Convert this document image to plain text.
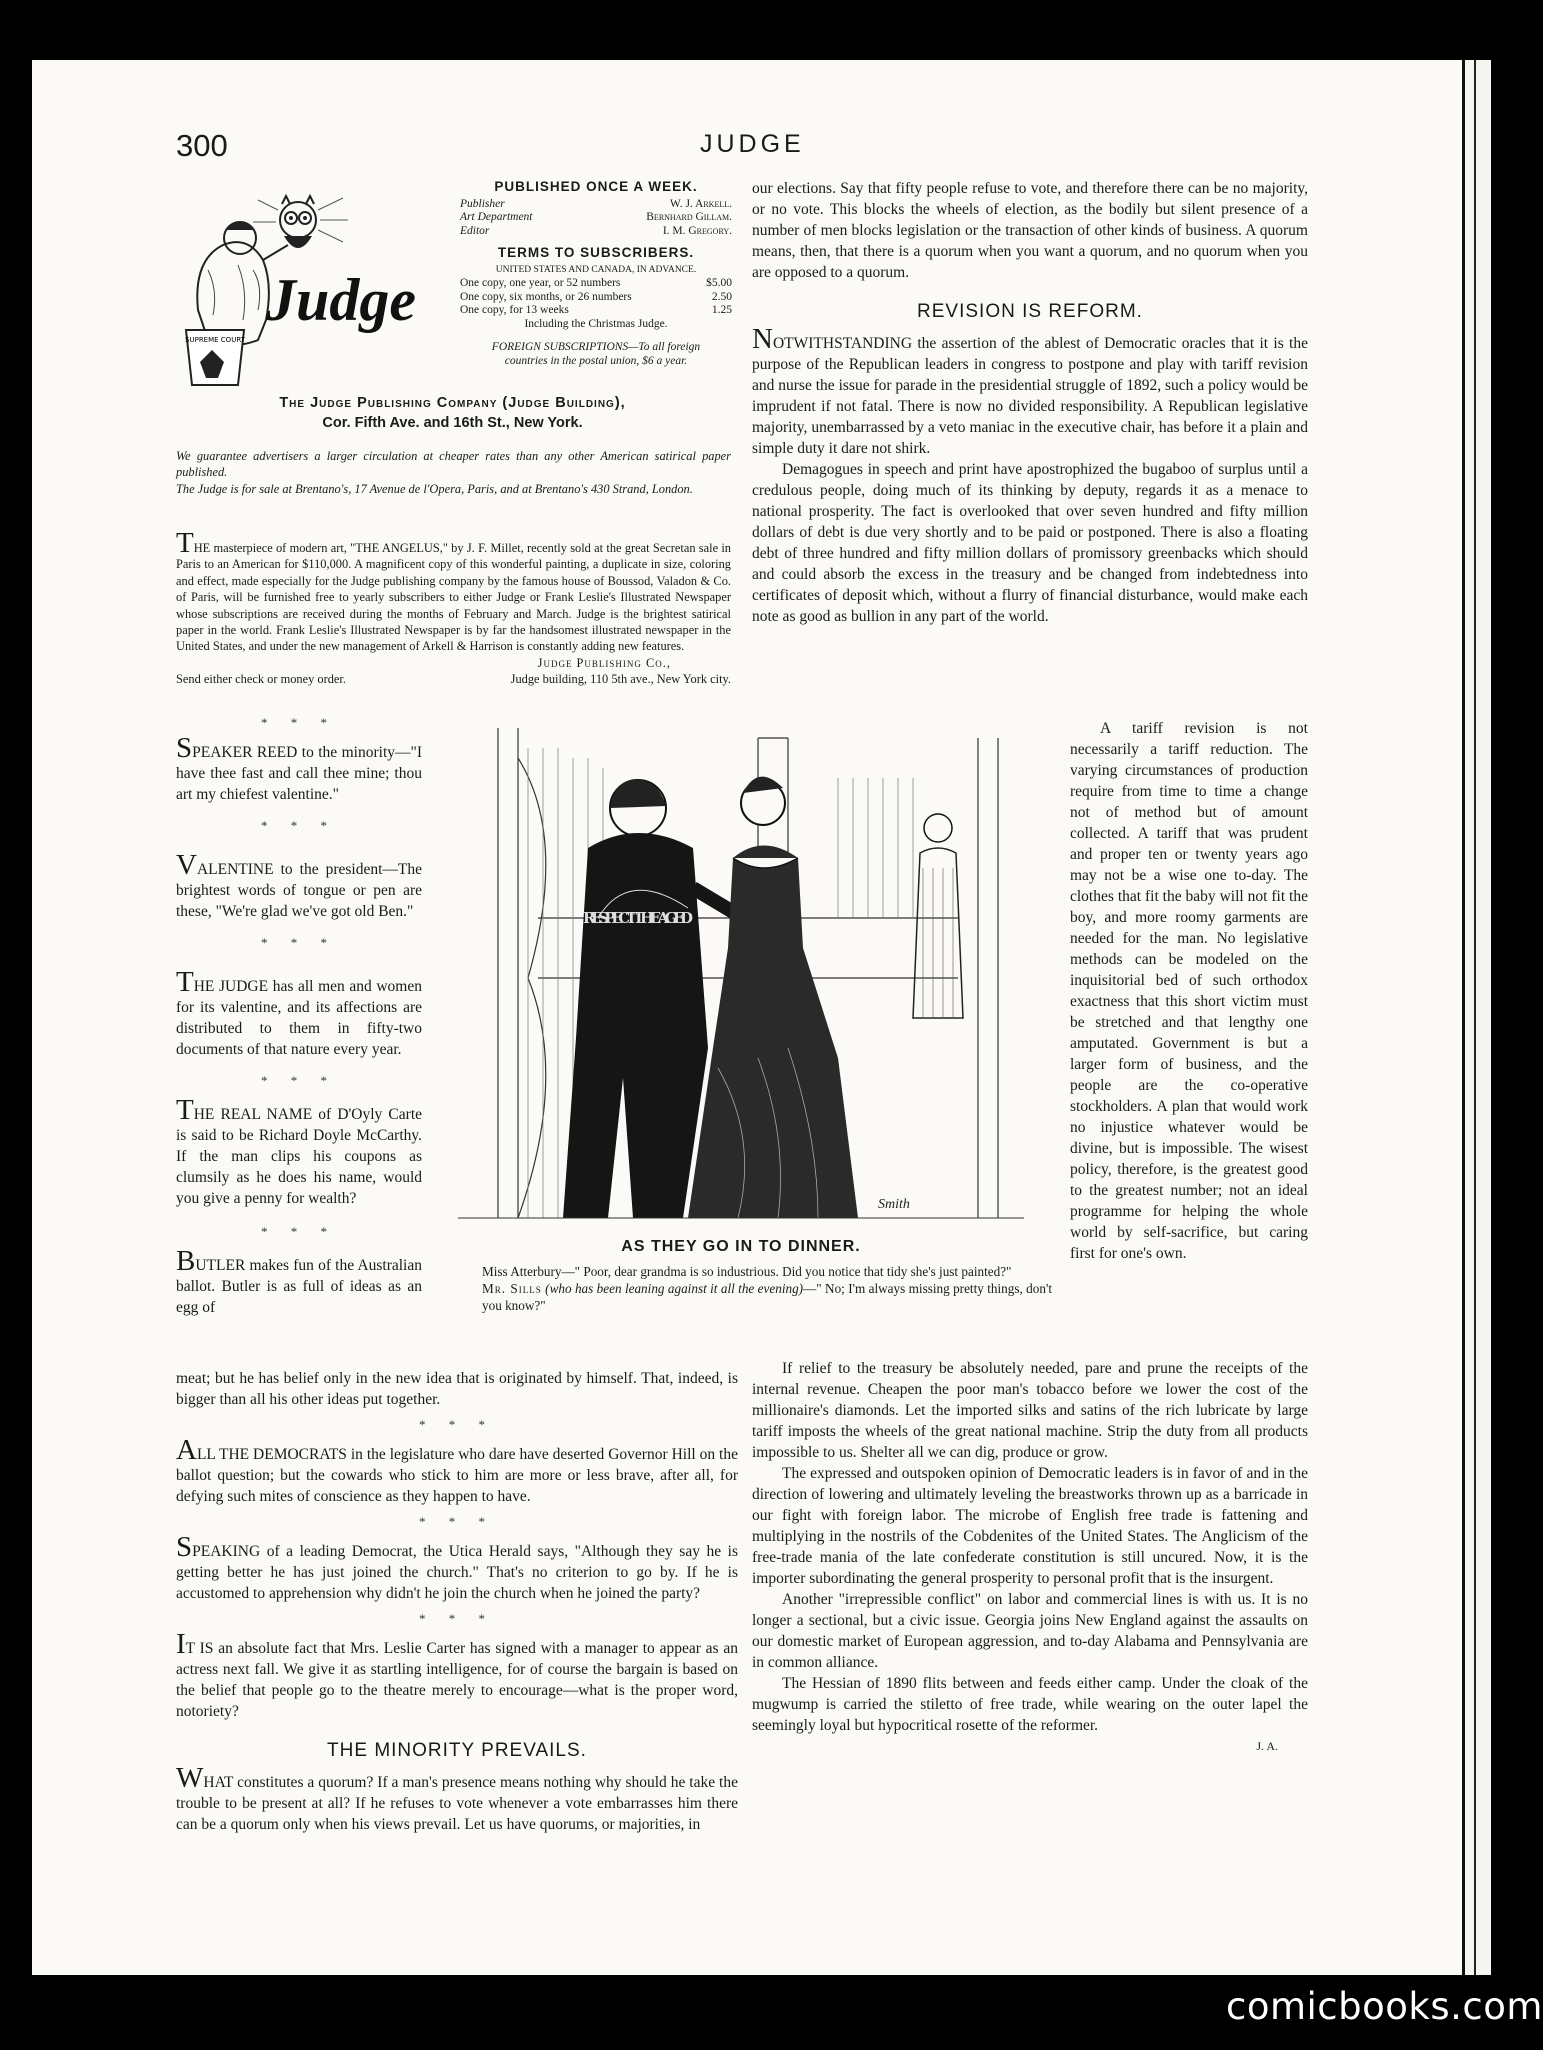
300	JUDGE
SUPREME COURT
Judge
PUBLISHED ONCE A WEEK.
Publisher	W. J. Arkell.
Art Department	Bernhard Gillam.
Editor	I. M. Gregory.
TERMS TO SUBSCRIBERS.
UNITED STATES AND CANADA, IN ADVANCE.
One copy, one year, or 52 numbers	$5.00
One copy, six months, or 26 numbers	2.50
One copy, for 13 weeks	1.25
Including the Christmas Judge.
FOREIGN SUBSCRIPTIONS—To all foreign countries in the postal union, $6 a year.
The Judge Publishing Company (Judge Building),
Cor. Fifth Ave. and 16th St., New York.
We guarantee advertisers a larger circulation at cheaper rates than any other American satirical paper published.
The Judge is for sale at Brentano's, 17 Avenue de l'Opera, Paris, and at Brentano's 430 Strand, London.
THE masterpiece of modern art, "THE ANGELUS," by J. F. Millet, recently sold at the great Secretan sale in Paris to an American for $110,000. A magnificent copy of this wonderful painting, a duplicate in size, coloring and effect, made especially for the Judge publishing company by the famous house of Boussod, Valadon & Co. of Paris, will be furnished free to yearly subscribers to either Judge or Frank Leslie's Illustrated Newspaper whose subscriptions are received during the months of February and March. Judge is the brightest satirical paper in the world. Frank Leslie's Illustrated Newspaper is by far the handsomest illustrated newspaper in the United States, and under the new management of Arkell & Harrison is constantly adding new features.
Judge Publishing Co.,
Send either check or money order.	Judge building, 110 5th ave., New York city.
* * *

SPEAKER REED to the minority—"I have thee fast and call thee mine; thou art my chiefest valentine."

* * *

VALENTINE to the president—The brightest words of tongue or pen are these, "We're glad we've got old Ben."

* * *

THE JUDGE has all men and women for its valentine, and its affections are distributed to them in fifty-two documents of that nature every year.

* * *

THE REAL NAME of D'Oyly Carte is said to be Richard Doyle McCarthy. If the man clips his coupons as clumsily as he does his name, would you give a penny for wealth?

* * *

BUTLER makes fun of the Australian ballot. Butler is as full of ideas as an egg of

meat; but he has belief only in the new idea that is originated by himself. That, indeed, is bigger than all his other ideas put together.

* * *

ALL THE DEMOCRATS in the legislature who dare have deserted Governor Hill on the ballot question; but the cowards who stick to him are more or less brave, after all, for defying such mites of conscience as they happen to have.

* * *

SPEAKING of a leading Democrat, the Utica Herald says, "Although they say he is getting better he has just joined the church." That's no criterion to go by. If he is accustomed to apprehension why didn't he join the church when he joined the party?

* * *

IT IS an absolute fact that Mrs. Leslie Carter has signed with a manager to appear as an actress next fall. We give it as startling intelligence, for of course the bargain is based on the belief that people go to the theatre merely to encourage—what is the proper word, notoriety?

THE MINORITY PREVAILS.

WHAT constitutes a quorum? If a man's presence means nothing why should he take the trouble to be present at all? If he refuses to vote whenever a vote embarrasses him there can be a quorum only when his views prevail. Let us have quorums, or majorities, in

our elections. Say that fifty people refuse to vote, and therefore there can be no majority, or no vote. This blocks the wheels of election, as the bodily but silent presence of a number of men blocks legislation or the transaction of other kinds of business. A quorum means, then, that there is a quorum when you want a quorum, and no quorum when you are opposed to a quorum.

REVISION IS REFORM.

NOTWITHSTANDING the assertion of the ablest of Democratic oracles that it is the purpose of the Republican leaders in congress to postpone and play with tariff revision and nurse the issue for parade in the presidential struggle of 1892, such a policy would be imprudent if not fatal. There is now no divided responsibility. A Republican legislative majority, unembarrassed by a veto maniac in the executive chair, has before it a plain and simple duty it dare not shirk.

Demagogues in speech and print have apostrophized the bugaboo of surplus until a credulous people, doing much of its thinking by deputy, regards it as a menace to national prosperity. The fact is overlooked that over seven hundred and fifty million dollars of debt is due very shortly and to be paid or postponed. There is also a floating debt of three hundred and fifty million dollars of promissory greenbacks which should and could absorb the excess in the treasury and be changed from indebtedness into certificates of deposit which, without a flurry of financial disturbance, would make each note as good as bullion in any part of the world.

A tariff revision is not necessarily a tariff reduction. The varying circumstances of production require from time to time a change not of method but of amount collected. A tariff that was prudent and proper ten or twenty years ago may not be a wise one to-day. The clothes that fit the baby will not fit the boy, and more roomy garments are needed for the man. No legislative methods can be modeled on the inquisitorial bed of such orthodox exactness that this short victim must be stretched and that lengthy one amputated. Government is but a larger form of business, and the people are the co-operative stockholders. A plan that would work no injustice whatever would be divine, but is impossible. The wisest policy, therefore, is the greatest good to the greatest number; not an ideal programme for helping the whole world by self-sacrifice, but caring first for one's own.

If relief to the treasury be absolutely needed, pare and prune the receipts of the internal revenue. Cheapen the poor man's tobacco before we lower the cost of the millionaire's diamonds. Let the imported silks and satins of the rich lubricate by large tariff imposts the wheels of the great national machine. Strip the duty from all products impossible to us. Shelter all we can dig, produce or grow.

The expressed and outspoken opinion of Democratic leaders is in favor of and in the direction of lowering and ultimately leveling the breastworks thrown up as a barricade in our fight with foreign labor. The microbe of English free trade is fattening and multiplying in the nostrils of the Cobdenites of the United States. The Anglicism of the free-trade mania of the late confederate constitution is still uncured. Now, it is the importer subordinating the general prosperity to personal profit that is the insurgent.

Another "irrepressible conflict" on labor and commercial lines is with us. It is no longer a sectional, but a civic issue. Georgia joins New England against the assaults on our domestic market of European aggression, and to-day Alabama and Pennsylvania are in common alliance.

The Hessian of 1890 flits between and feeds either camp. Under the cloak of the mugwump is carried the stiletto of free trade, while wearing on the outer lapel the seemingly loyal but hypocritical rosette of the reformer.

J. A.
RESPECT THE AGED
Smith
AS THEY GO IN TO DINNER.
Miss Atterbury—" Poor, dear grandma is so industrious. Did you notice that tidy she's just painted?"
Mr. Sills (who has been leaning against it all the evening)—" No; I'm always missing pretty things, don't you know?"
comicbooks.com
